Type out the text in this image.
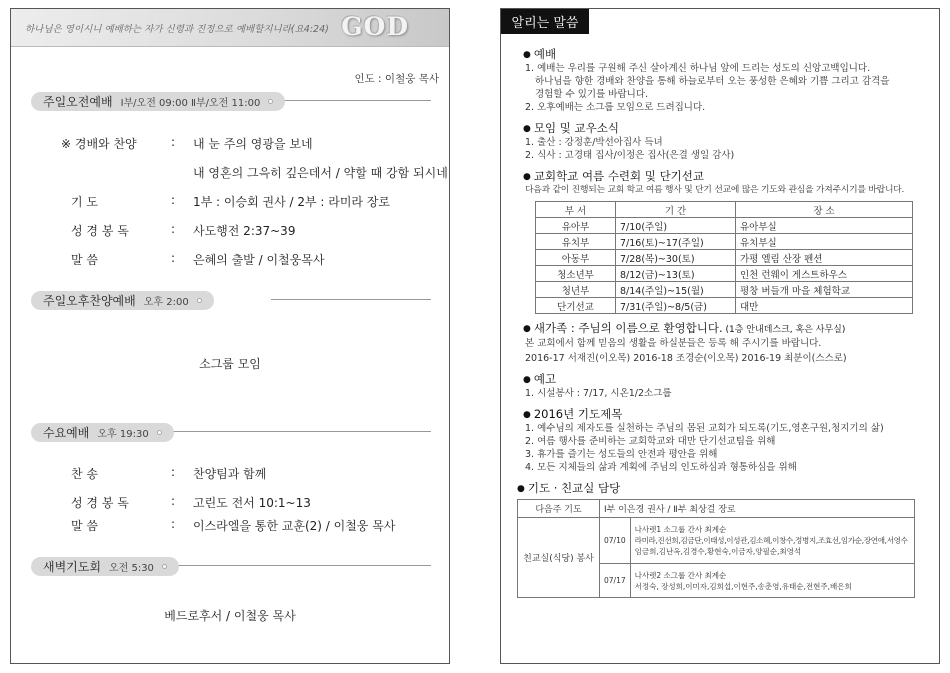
하나님은 영이시니 예배하는 자가 신령과 진정으로 예배할지니라(요4:24) GOD
인도 : 이철웅 목사
주일오전예배 Ⅰ부/오전 09:00 Ⅱ부/오전 11:00
※ 경배와 찬양	: 내 눈 주의 영광을 보네
내 영혼의 그윽히 깊은데서 / 약할 때 강함 되시네
기 도	: 1부 : 이승회 권사 / 2부 : 라미라 장로
성 경 봉 독	: 사도행전 2:37~39
말 씀	: 은혜의 출발 / 이철웅목사
주일오후찬양예배 오후 2:00
소그룹 모임
수요예배 오후 19:30
찬 송	: 찬양팀과 함께
성 경 봉 독	: 고린도 전서 10:1~13
말 씀	: 이스라엘을 통한 교훈(2) / 이철웅 목사
새벽기도회 오전 5:30
베드로후서 / 이철웅 목사
알리는 말씀
● 예배
1. 예배는 우리를 구원해 주신 살아계신 하나님 앞에 드리는 성도의 신앙고백입니다.
하나님을 향한 경배와 찬양을 통해 하늘로부터 오는 풍성한 은혜와 기쁨 그리고 감격을
경험할 수 있기를 바랍니다.
2. 오후예배는 소그룹 모임으로 드려집니다.
● 모임 및 교우소식
1. 출산 : 강정훈/박선아집사 득녀
2. 식사 : 고경태 집사/이정은 집사(은결 생일 감사)
● 교회학교 여름 수련회 및 단기선교
다음과 같이 진행되는 교회 학교 여름 행사 및 단기 선교에 많은 기도와 관심을 가져주시기를 바랍니다.
부 서	기 간	장 소
유아부	7/10(주일)	유아부실
유치부	7/16(토)~17(주일)	유치부실
아동부	7/28(목)~30(토)	가평 엘림 산장 펜션
청소년부	8/12(금)~13(토)	인천 런웨이 게스트하우스
청년부	8/14(주일)~15(월)	평창 버들개 마을 체험학교
단기선교	7/31(주일)~8/5(금)	대만
● 새가족 : 주님의 이름으로 환영합니다. (1층 안내데스크, 혹은 사무실)
본 교회에서 함께 믿음의 생활을 하실분들은 등록 해 주시기를 바랍니다.
2016-17 서재진(이오목) 2016-18 조경순(이오목) 2016-19 최분이(스스로)
● 예고
1. 시설봉사 : 7/17, 시온1/2소그룹
● 2016년 기도제목
1. 예수님의 제자도를 실천하는 주님의 몸된 교회가 되도록(기도,영혼구원,청지기의 삶)
2. 여름 행사를 준비하는 교회학교와 대만 단기선교팀을 위해
3. 휴가를 즐기는 성도들의 안전과 평안을 위해
4. 모든 지체들의 삶과 계획에 주님의 인도하심과 형통하심을 위해
● 기도 · 친교실 담당
다음주 기도	Ⅰ부 이은경 권사 / Ⅱ부 최상걸 장로	
친교실(식당) 봉사	07/10	나사렛1 소그룹 간사 최계순
라미라,진선희,김금단,이태성,이성관,김소혜,이창수,정병지,조효선,임가순,장연애,서영수
임금희,김난옥,김경수,황현숙,이금자,양필순,최영석

	07/17	나사렛2 소그룹 간사 최계순
서정숙, 장성희,이미자,김희섭,이현주,송춘영,유태순,전현주,배은희
